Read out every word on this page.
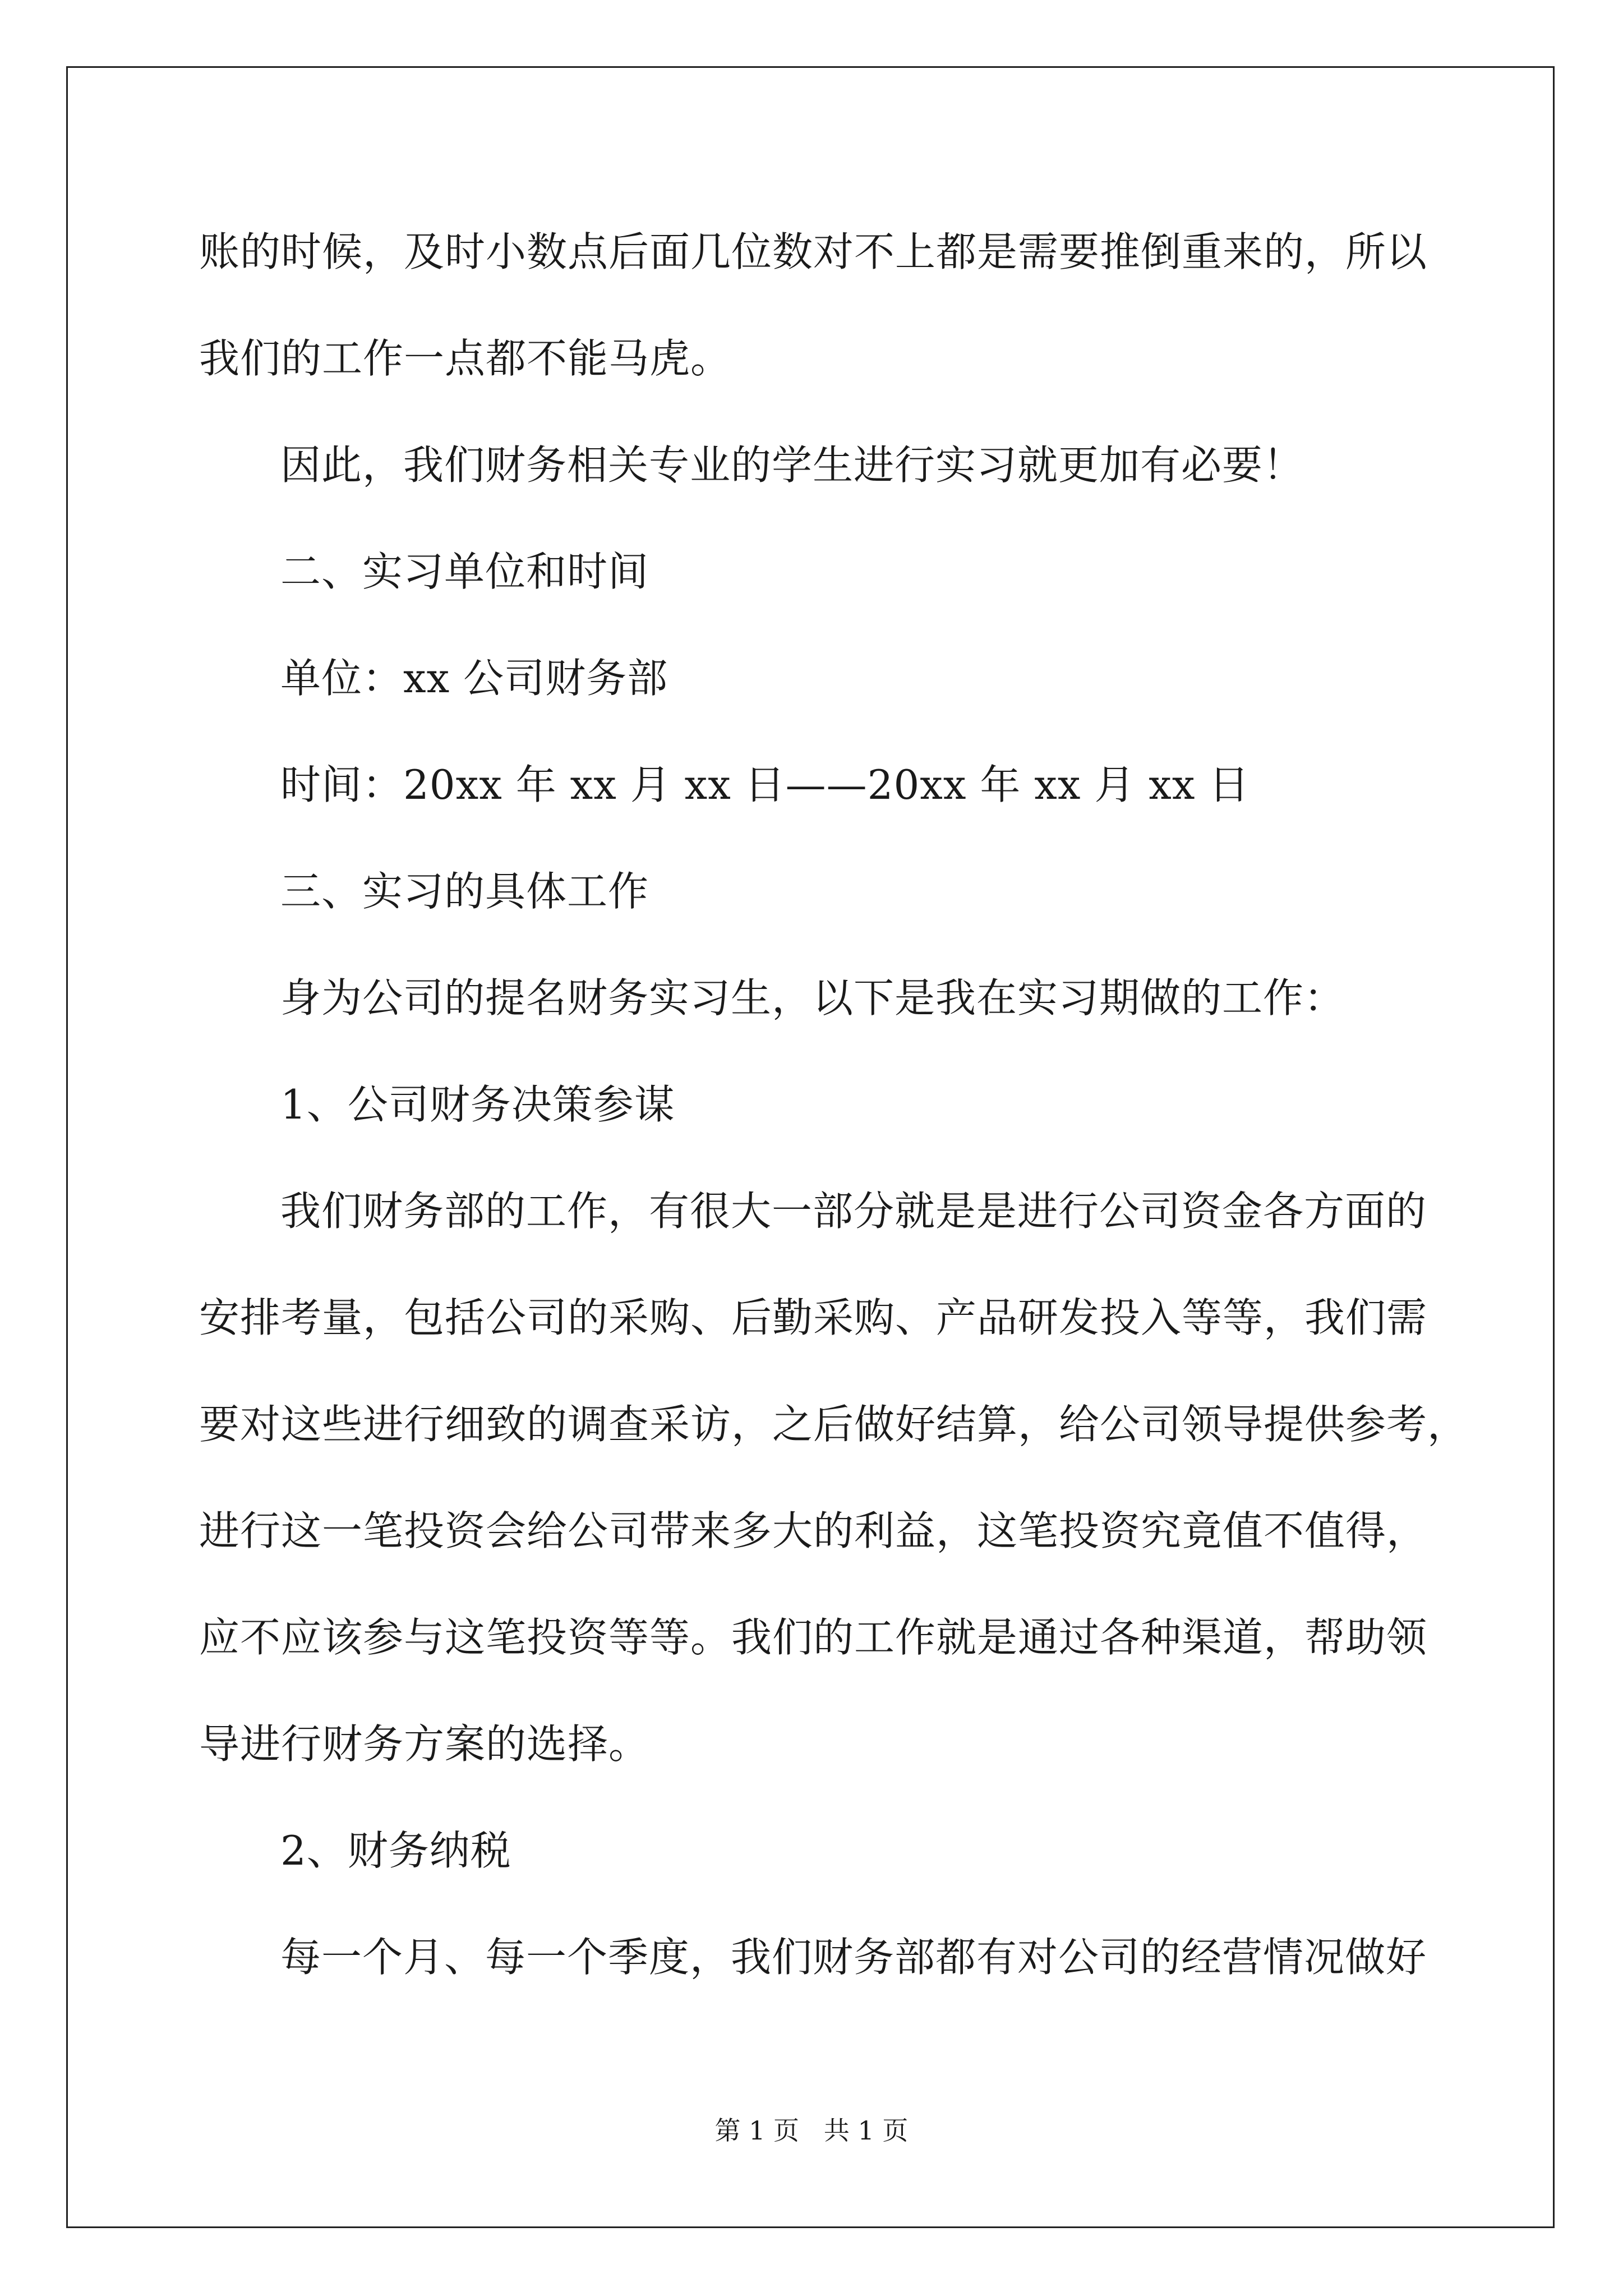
账的时候，及时小数点后面几位数对不上都是需要推倒重来的，所以
我们的工作一点都不能马虎。
因此，我们财务相关专业的学生进行实习就更加有必要！
二、实习单位和时间
单位：xx 公司财务部
时间：20xx 年 xx 月 xx 日——20xx 年 xx 月 xx 日
三、实习的具体工作
身为公司的提名财务实习生，以下是我在实习期做的工作：
1、公司财务决策参谋
我们财务部的工作，有很大一部分就是是进行公司资金各方面的
安排考量，包括公司的采购、后勤采购、产品研发投入等等，我们需
要对这些进行细致的调查采访，之后做好结算，给公司领导提供参考，
进行这一笔投资会给公司带来多大的利益，这笔投资究竟值不值得，
应不应该参与这笔投资等等。我们的工作就是通过各种渠道，帮助领
导进行财务方案的选择。
2、财务纳税
每一个月、每一个季度，我们财务部都有对公司的经营情况做好
第 1 页   共 1 页
